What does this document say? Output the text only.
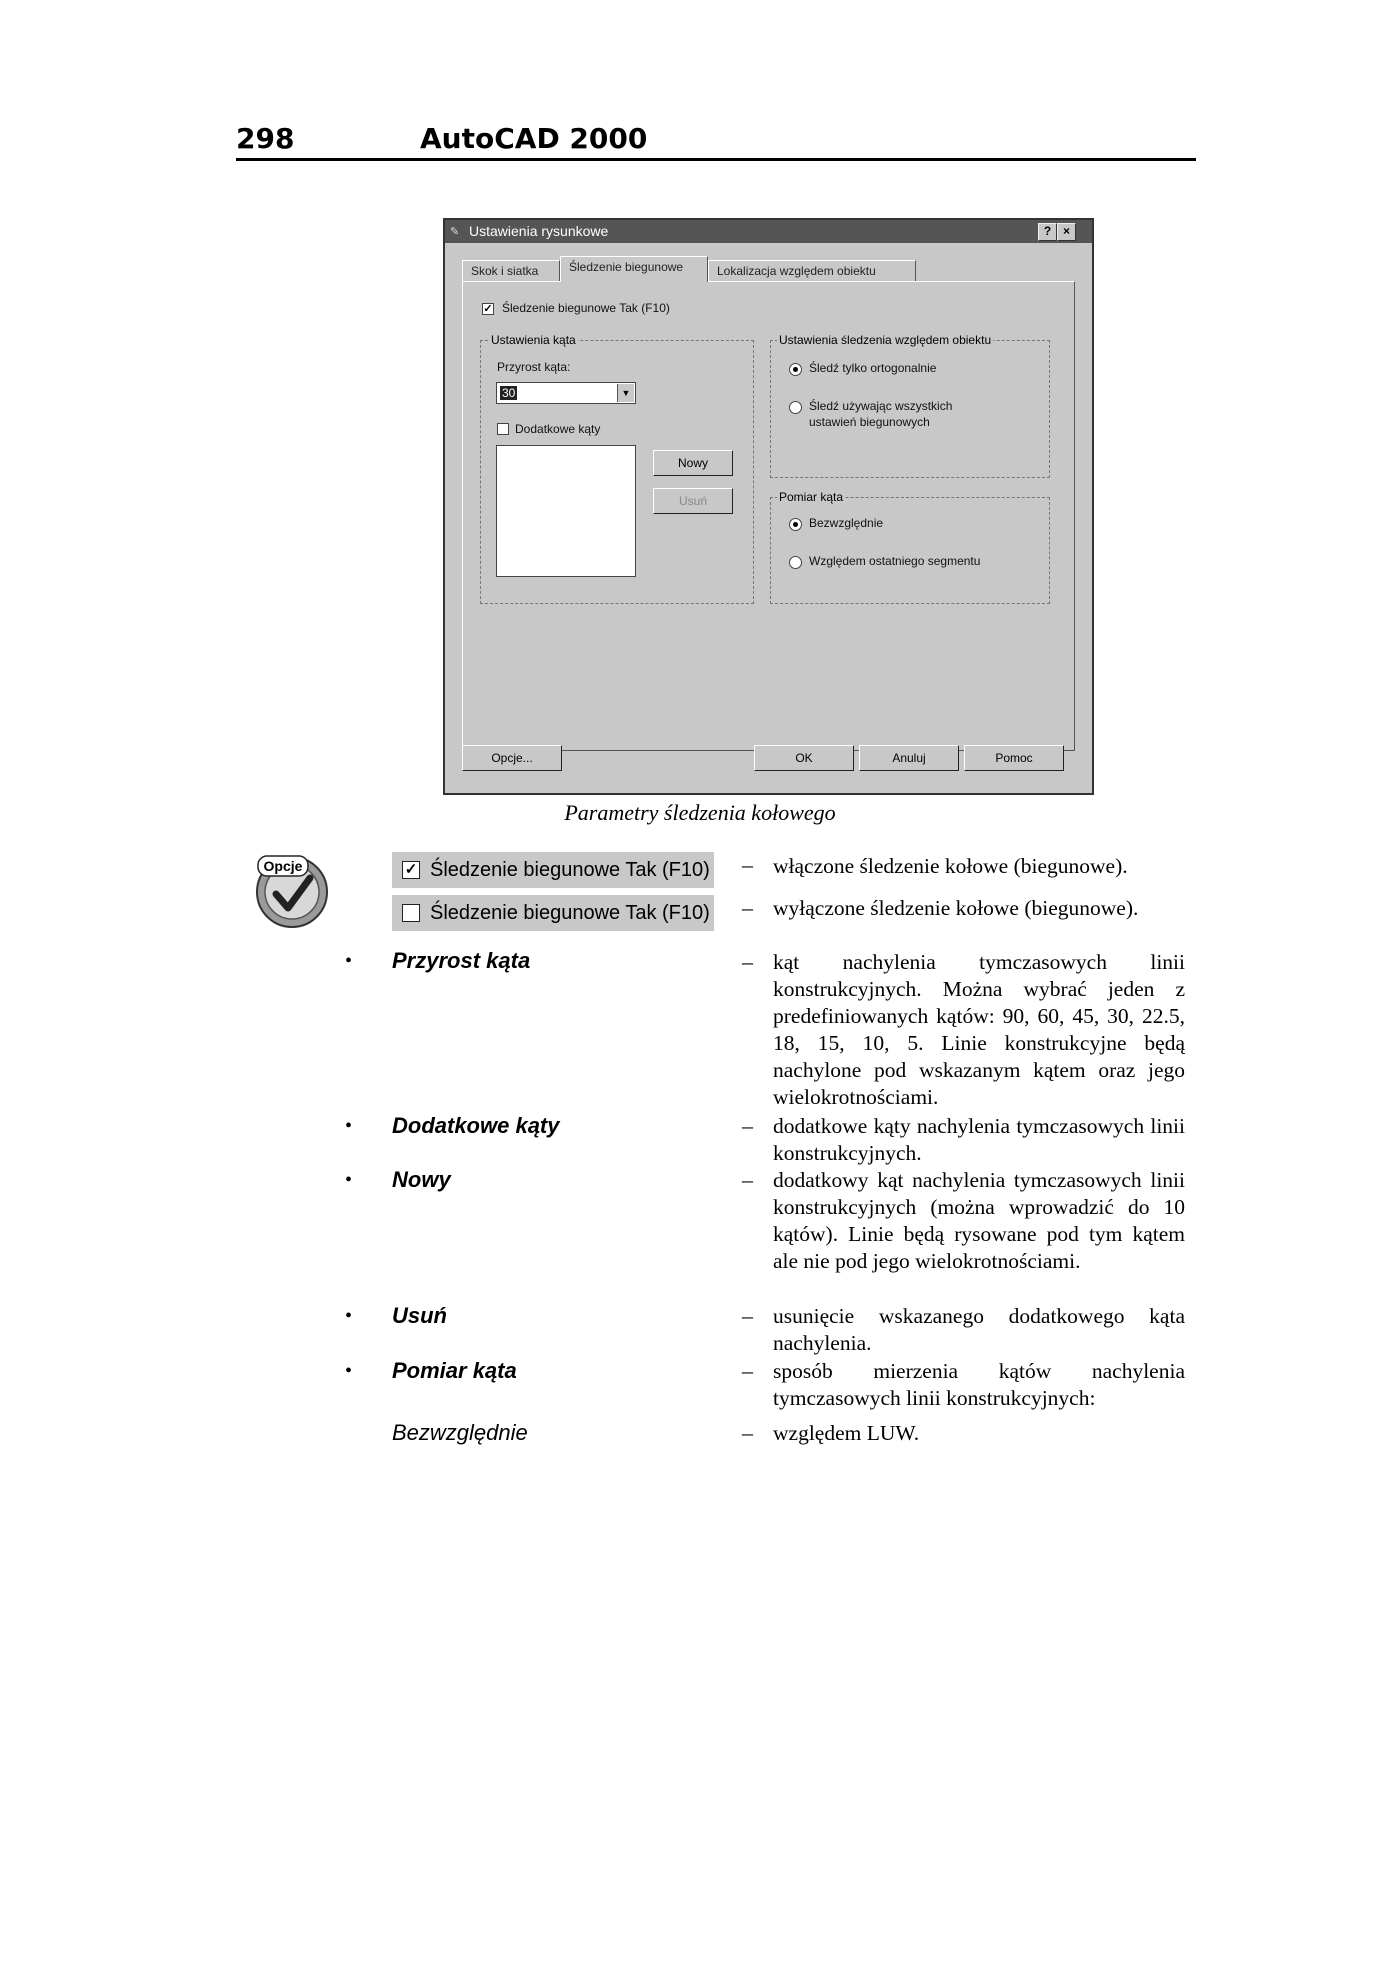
298	AutoCAD 2000
✎ Ustawienia rysunkowe	? ×
Skok i siatka	Śledzenie biegunowe	Lokalizacja względem obiektu
✓ Śledzenie biegunowe Tak (F10)
Ustawienia kąta
Przyrost kąta:
30	▼
Dodatkowe kąty
Nowy
Usuń
Ustawienia śledzenia względem obiektu
Śledź tylko ortogonalnie
Śledź używając wszystkich
ustawień biegunowych
Pomiar kąta
Bezwzględnie
Względem ostatniego segmentu
Opcje...	OK	Anuluj	Pomoc
Parametry śledzenia kołowego
Opcje	✓ Śledzenie biegunowe Tak (F10) – włączone śledzenie kołowe (biegunowe).
Śledzenie biegunowe Tak (F10) – wyłączone śledzenie kołowe (biegunowe).
• Przyrost kąta	– kąt nachylenia tymczasowych linii konstrukcyjnych. Można wybrać jeden z predefiniowanych kątów: 90, 60, 45, 30, 22.5, 18, 15, 10, 5. Linie konstrukcyjne będą nachylone pod wskazanym kątem oraz jego wielokrotnościami.
• Dodatkowe kąty	– dodatkowe kąty nachylenia tymczasowych linii konstrukcyjnych.
• Nowy	– dodatkowy kąt nachylenia tymczasowych linii konstrukcyjnych (można wprowadzić do 10 kątów). Linie będą rysowane pod tym kątem ale nie pod jego wielokrotnościami.
• Usuń	– usunięcie wskazanego dodatkowego kąta nachylenia.
• Pomiar kąta	– sposób mierzenia kątów nachylenia tymczasowych linii konstrukcyjnych:
Bezwzględnie	– względem LUW.
